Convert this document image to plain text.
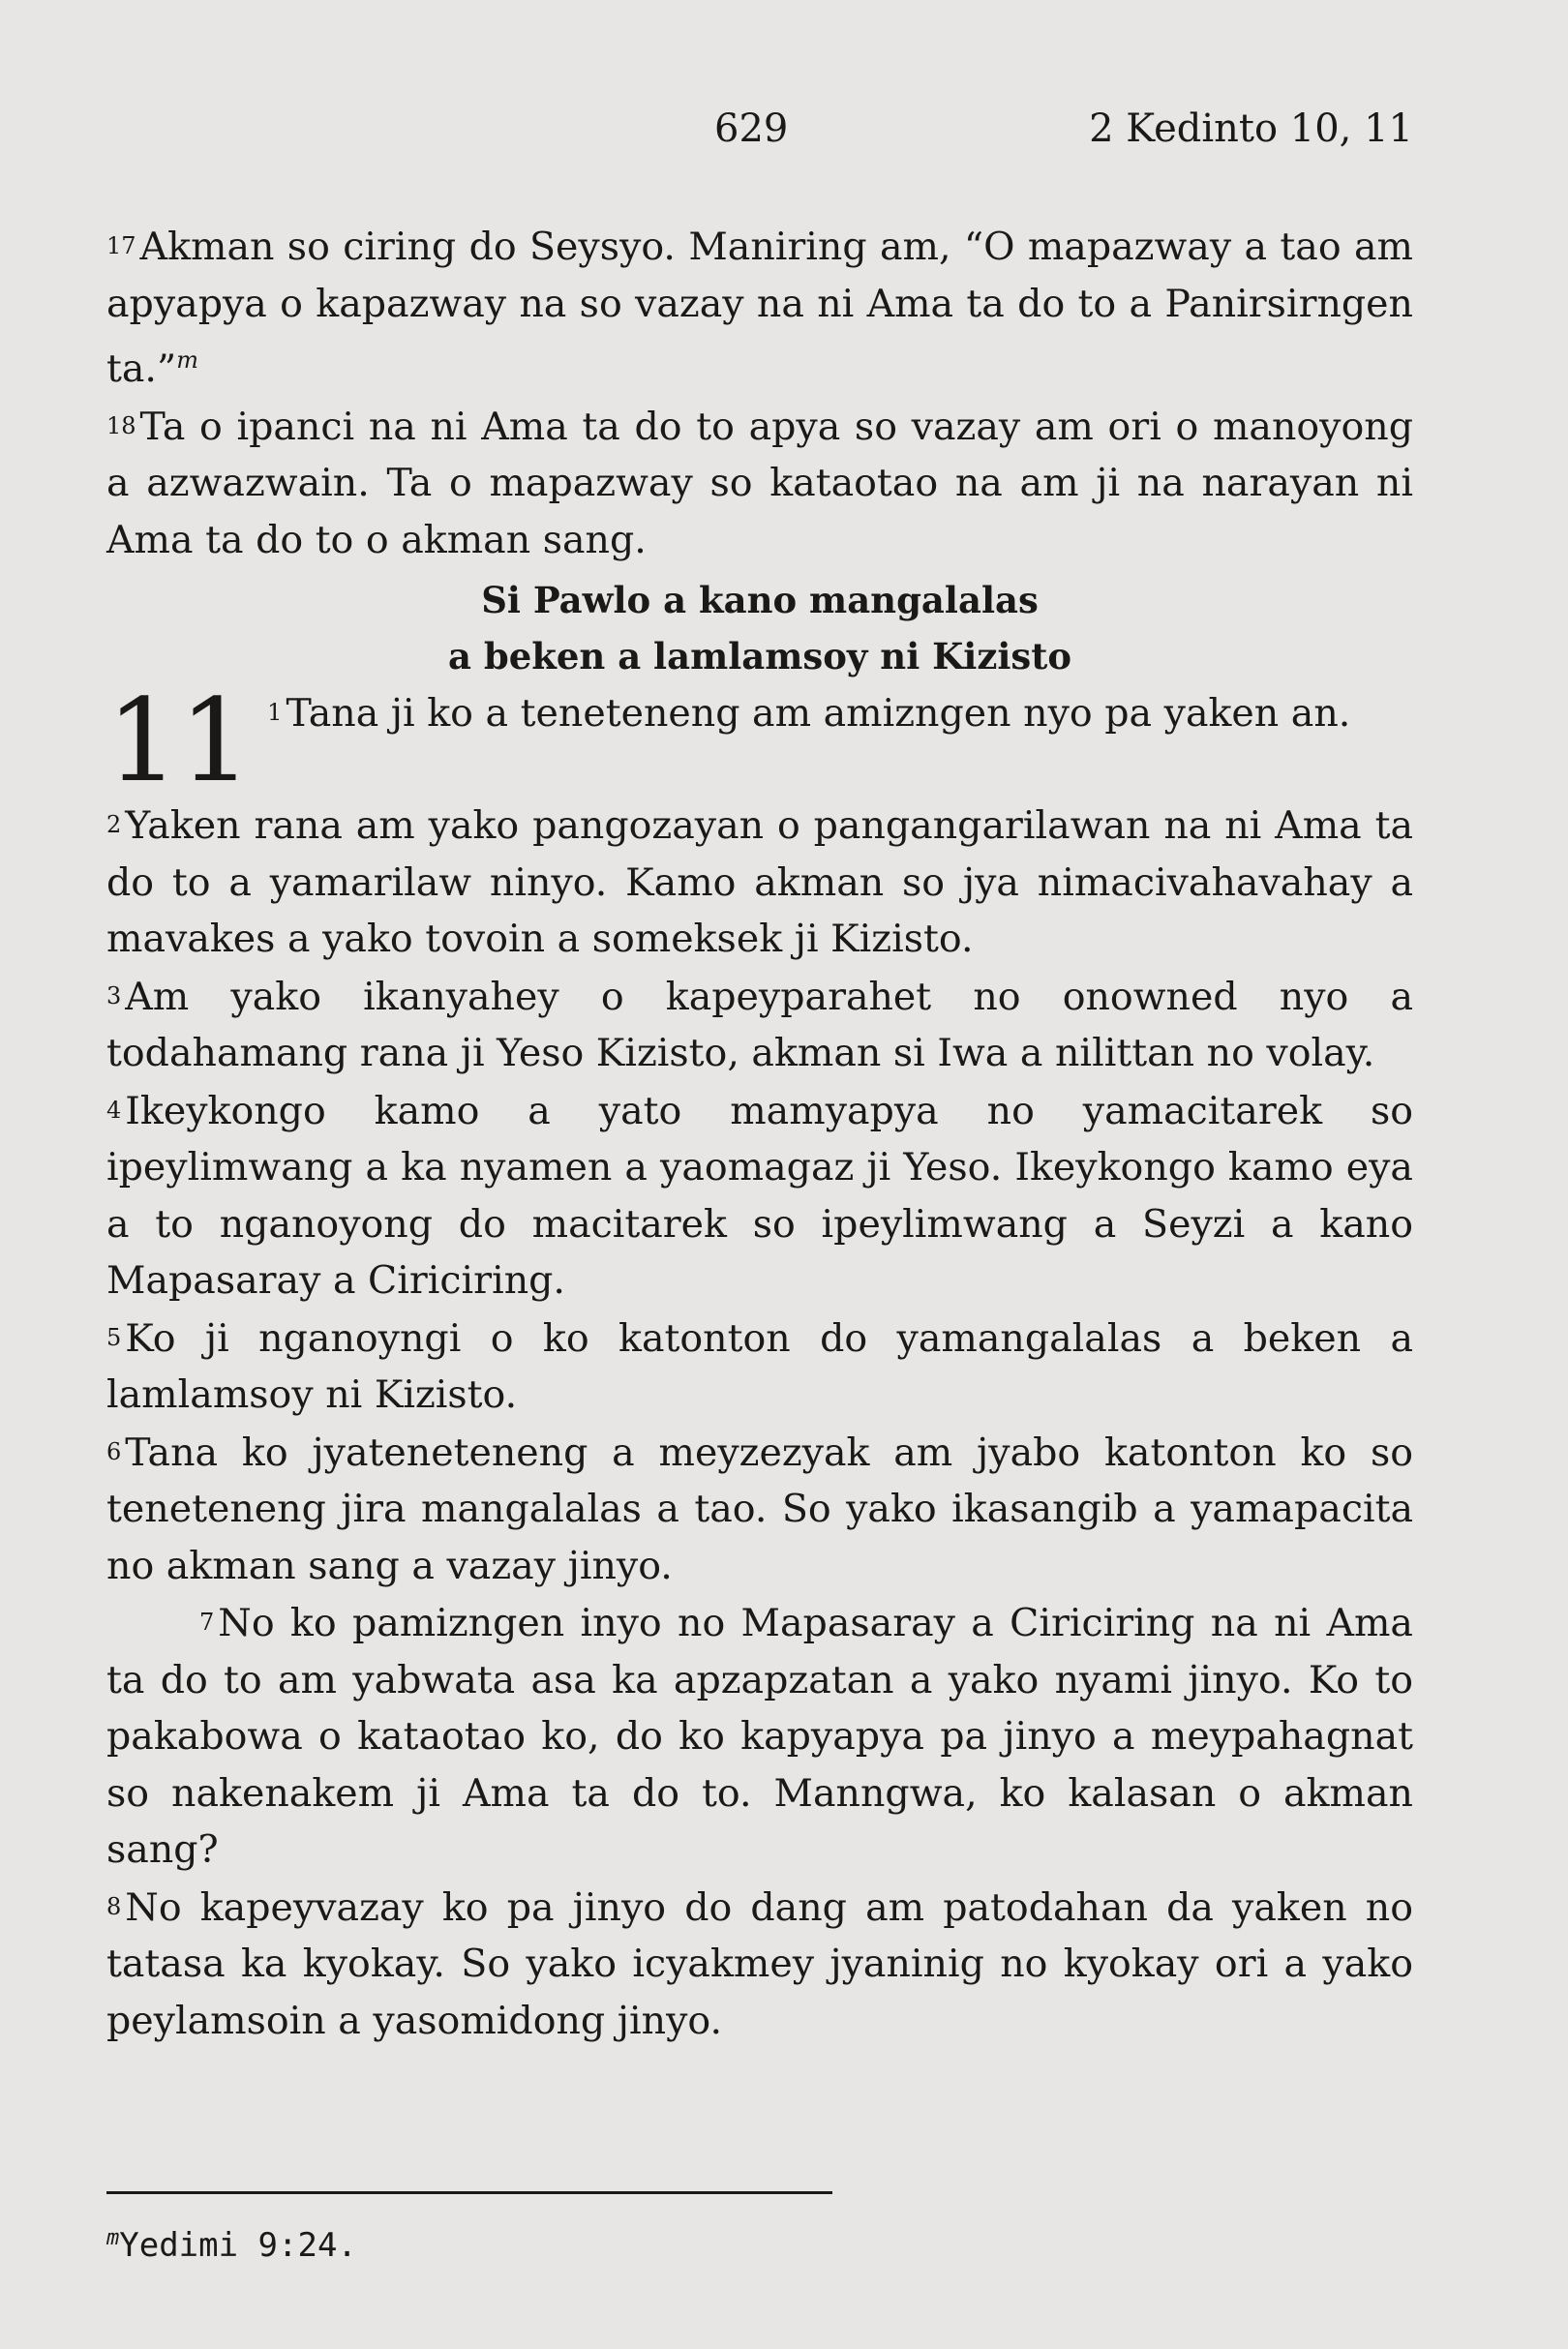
629	2 Kedinto 10, 11

17 Akman so ciring do Seysyo. Maniring am, “O mapazway a tao am apyapya o kapazway na so vazay na ni Ama ta do to a Panirsirngen ta.”$^m$

18 Ta o ipanci na ni Ama ta do to apya so vazay am ori o manoyong a azwazwain. Ta o mapazway so kataotao na am ji na narayan ni Ama ta do to o akman sang.

Si Pawlo a kano mangalalas
a beken a lamlamsoy ni Kizisto
11 1 Tana ji ko a teneteneng am amizngen nyo pa yaken an.

2 Yaken rana am yako pangozayan o pangangarilawan na ni Ama ta do to a yamarilaw ninyo. Kamo akman so jya nimacivahavahay a mavakes a yako tovoin a someksek ji Kizisto.

3 Am yako ikanyahey o kapeyparahet no onowned nyo a todahamang rana ji Yeso Kizisto, akman si Iwa a nilittan no volay.

4 Ikeykongo kamo a yato mamyapya no yamacitarek so ipeylimwang a ka nyamen a yaomagaz ji Yeso. Ikeykongo kamo eya a to nganoyong do macitarek so ipeylimwang a Seyzi a kano Mapasaray a Ciriciring.

5 Ko ji nganoyngi o ko katonton do yamangalalas a beken a lamlamsoy ni Kizisto.

6 Tana ko jyateneteneng a meyzezyak am jyabo katonton ko so teneteneng jira mangalalas a tao. So yako ikasangib a yamapacita no akman sang a vazay jinyo.

7 No ko pamizngen inyo no Mapasaray a Ciriciring na ni Ama ta do to am yabwata asa ka apzapzatan a yako nyami jinyo. Ko to pakabowa o kataotao ko, do ko kapyapya pa jinyo a meypahagnat so nakenakem ji Ama ta do to. Manngwa, ko kalasan o akman sang?

8 No kapeyvazay ko pa jinyo do dang am patodahan da yaken no tatasa ka kyokay. So yako icyakmey jyaninig no kyokay ori a yako peylamsoin a yasomidong jinyo.

$^m$Yedimi 9:24.
